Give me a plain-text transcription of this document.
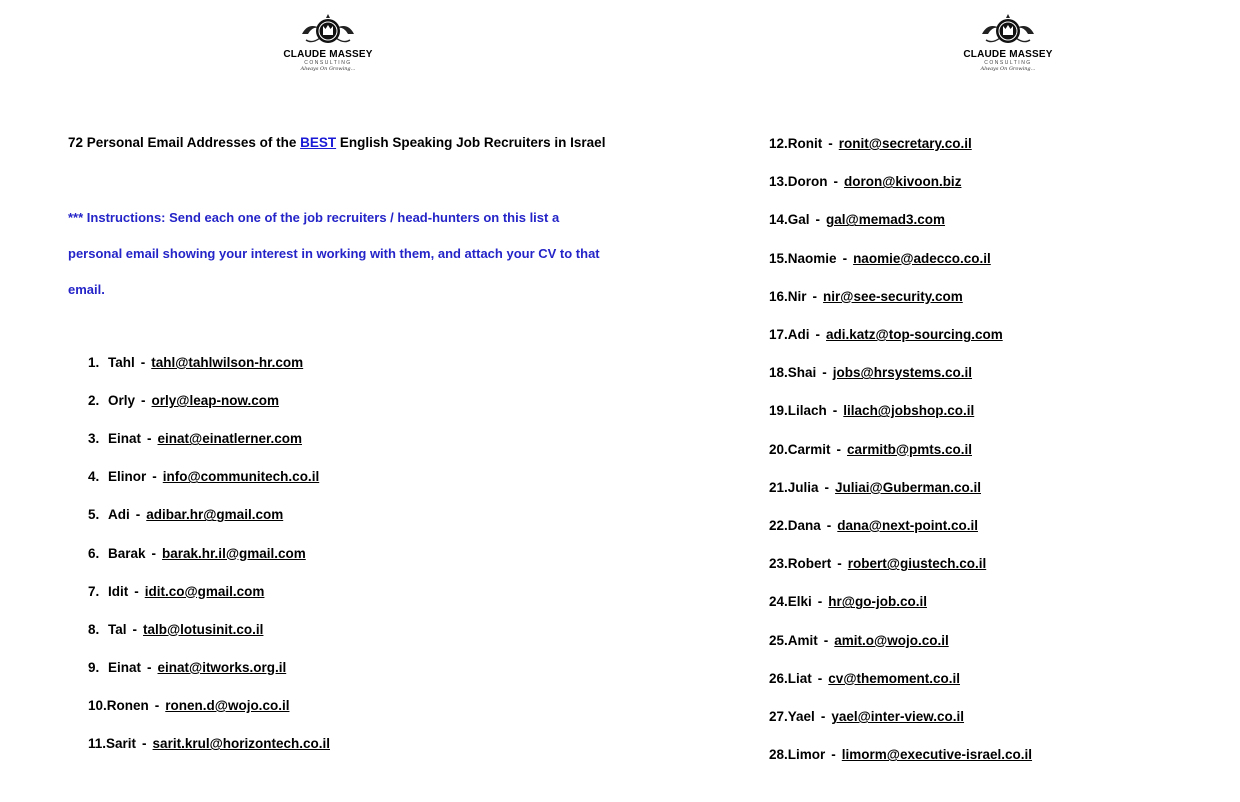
CLAUDE MASSEY
CONSULTING
Always On Growing...
72 Personal Email Addresses of the BEST English Speaking Job Recruiters in Israel
*** Instructions: Send each one of the job recruiters / head-hunters on this list a personal email showing your interest in working with them, and attach your CV to that email.
1. Tahl - tahl@tahlwilson-hr.com
2. Orly - orly@leap-now.com
3. Einat - einat@einatlerner.com
4. Elinor - info@communitech.co.il
5. Adi - adibar.hr@gmail.com
6. Barak - barak.hr.il@gmail.com
7. Idit - idit.co@gmail.com
8. Tal - talb@lotusinit.co.il
9. Einat - einat@itworks.org.il
10.Ronen - ronen.d@wojo.co.il
11.Sarit - sarit.krul@horizontech.co.il
CLAUDE MASSEY
CONSULTING
Always On Growing...
12.Ronit - ronit@secretary.co.il
13.Doron - doron@kivoon.biz
14.Gal - gal@memad3.com
15.Naomie - naomie@adecco.co.il
16.Nir - nir@see-security.com
17.Adi - adi.katz@top-sourcing.com
18.Shai - jobs@hrsystems.co.il
19.Lilach - lilach@jobshop.co.il
20.Carmit - carmitb@pmts.co.il
21.Julia - Juliai@Guberman.co.il
22.Dana - dana@next-point.co.il
23.Robert - robert@giustech.co.il
24.Elki - hr@go-job.co.il
25.Amit - amit.o@wojo.co.il
26.Liat - cv@themoment.co.il
27.Yael - yael@inter-view.co.il
28.Limor - limorm@executive-israel.co.il
